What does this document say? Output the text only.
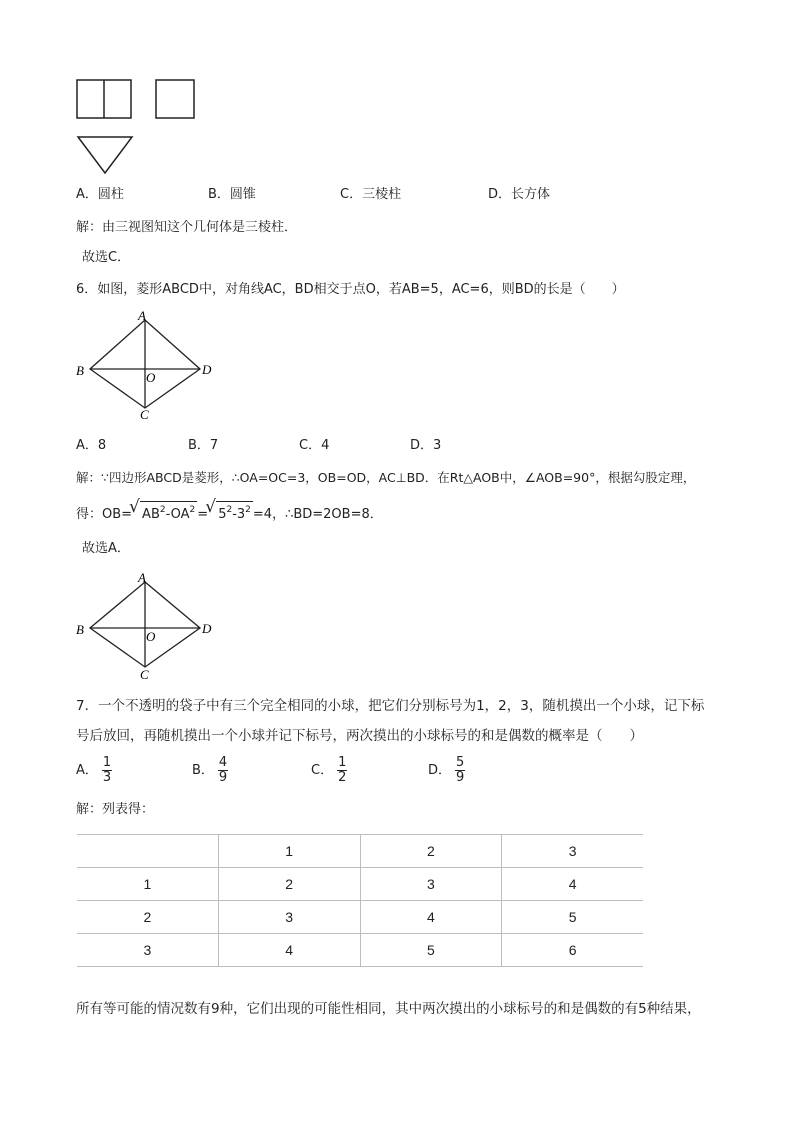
A．圆柱	B．圆锥	C．三棱柱	D．长方体
解：由三视图知这个几何体是三棱柱．
故选C．
6．如图，菱形ABCD中，对角线AC，BD相交于点O，若AB=5，AC=6，则BD的长是（　　）
A
B
C
D
O
A．8	B．7	C．4	D．3
解：∵四边形ABCD是菱形，∴OA=OC=3，OB=OD，AC⊥BD．在Rt△AOB中，∠AOB=90°，根据勾股定理，
得：OB= √ $AB^2-OA^2$ = √ $5^2-3^2 =4$，∴BD=2OB=8．
故选A．
A
B
C
D
O
7．一个不透明的袋子中有三个完全相同的小球，把它们分别标号为1，2，3，随机摸出一个小球，记下标
号后放回，再随机摸出一个小球并记下标号，两次摸出的小球标号的和是偶数的概率是（　　）
A． $\frac{1}{3}$	B． $\frac{4}{9}$	C． $\frac{1}{2}$	D． $\frac{5}{9}$
解：列表得：
	1	2	3
1	2	3	4
2	3	4	5
3	4	5	6
所有等可能的情况数有9种，它们出现的可能性相同，其中两次摸出的小球标号的和是偶数的有5种结果，
